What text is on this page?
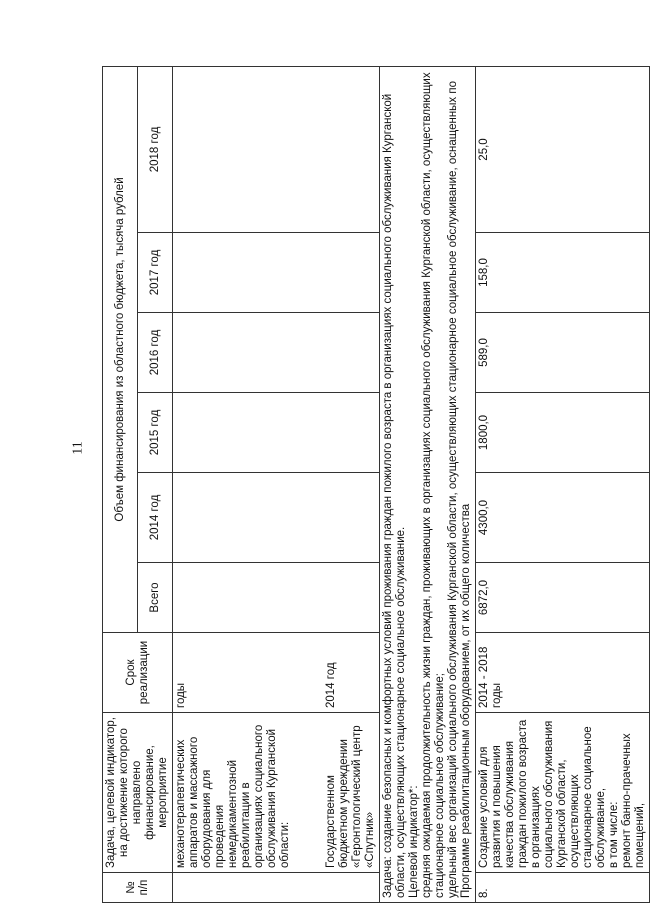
11
№ п/п	Задача, целевой индикатор, на достижение которого направлено финансирование, мероприятие	Срок реализации	Объем финансирования из областного бюджета, тысяча рублей					
			Всего	2014 год	2015 год	2016 год	2017 год	2018 год
	механотерапевтических аппаратов и массажного оборудования для проведения немедикаментозной реабилитации в организациях социального обслуживания Курганской области:	годы						
	Государственном бюджетном учреждении «Геронтологический центр «Спутник»	2014 год						
Задача: создание безопасных и комфортных условий проживания граждан пожилого возраста в организациях социального обслуживания Курганской области, осуществляющих стационарное социальное обслуживание.
Целевой индикатор*:
средняя ожидаемая продолжительность жизни граждан, проживающих в организациях социального обслуживания Курганской области, осуществляющих стационарное социальное обслуживание;
удельный вес организаций социального обслуживания Курганской области, осуществляющих стационарное социальное обслуживание, оснащенных по Программе реабилитационным оборудованием, от их общего количества								
8.	Создание условий для развития и повышения качества обслуживания граждан пожилого возраста в организациях социального обслуживания Курганской области, осуществляющих стационарное социальное обслуживание,
в том числе:
ремонт банно-прачечных помещений,	2014 - 2018 годы	6872,0	4300,0	1800,0	589,0	158,0	25,0
